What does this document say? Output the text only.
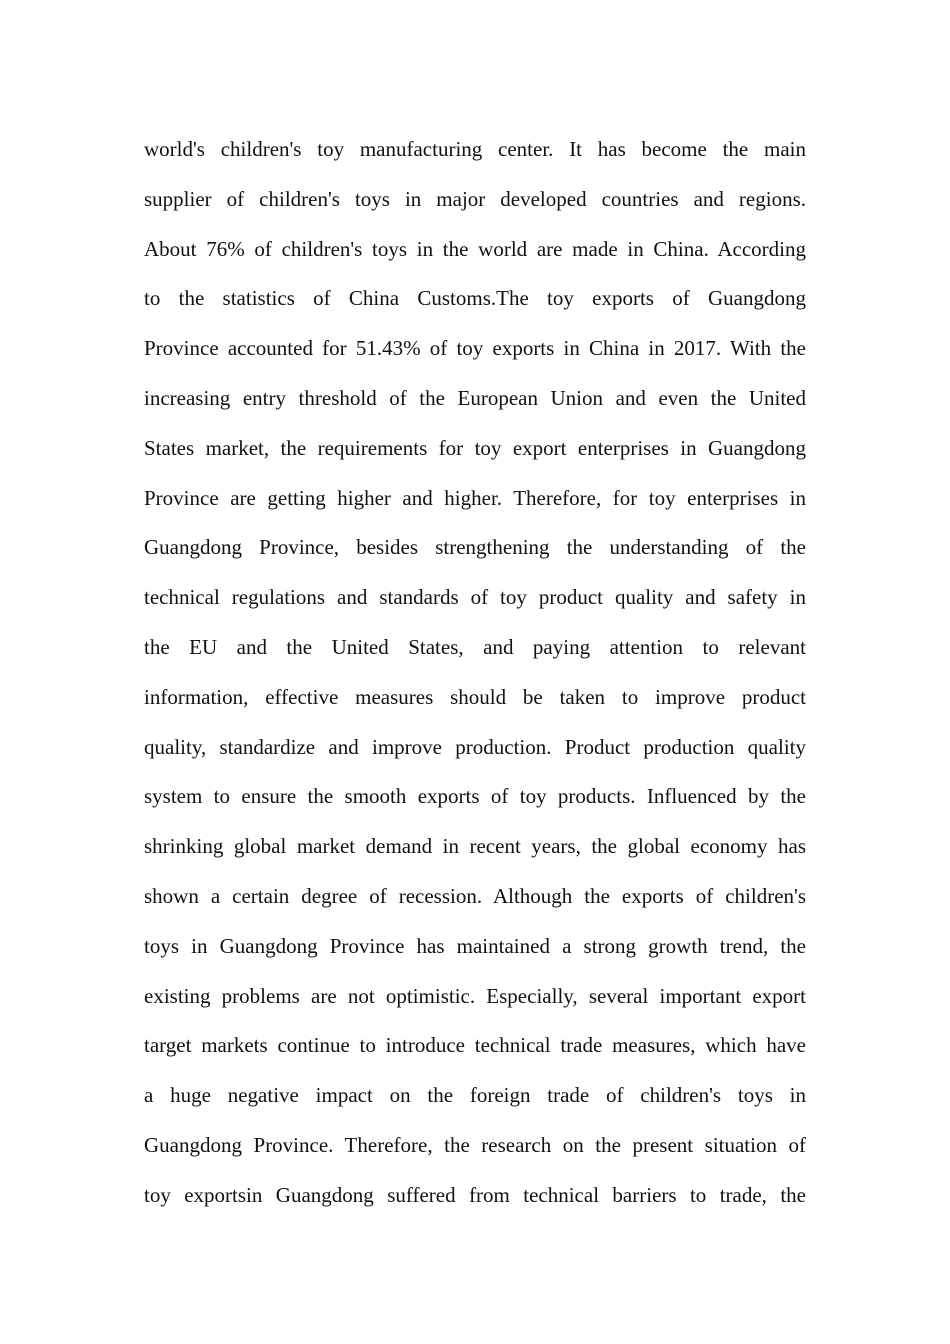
world's children's toy manufacturing center. It has become the main
supplier of children's toys in major developed countries and regions.
About 76% of children's toys in the world are made in China. According
to the statistics of China Customs.The toy exports of Guangdong
Province accounted for 51.43% of toy exports in China in 2017. With the
increasing entry threshold of the European Union and even the United
States market, the requirements for toy export enterprises in Guangdong
Province are getting higher and higher. Therefore, for toy enterprises in
Guangdong Province, besides strengthening the understanding of the
technical regulations and standards of toy product quality and safety in
the EU and the United States, and paying attention to relevant
information, effective measures should be taken to improve product
quality, standardize and improve production. Product production quality
system to ensure the smooth exports of toy products. Influenced by the
shrinking global market demand in recent years, the global economy has
shown a certain degree of recession. Although the exports of children's
toys in Guangdong Province has maintained a strong growth trend, the
existing problems are not optimistic. Especially, several important export
target markets continue to introduce technical trade measures, which have
a huge negative impact on the foreign trade of children's toys in
Guangdong Province. Therefore, the research on the present situation of
toy exportsin Guangdong suffered from technical barriers to trade, the
